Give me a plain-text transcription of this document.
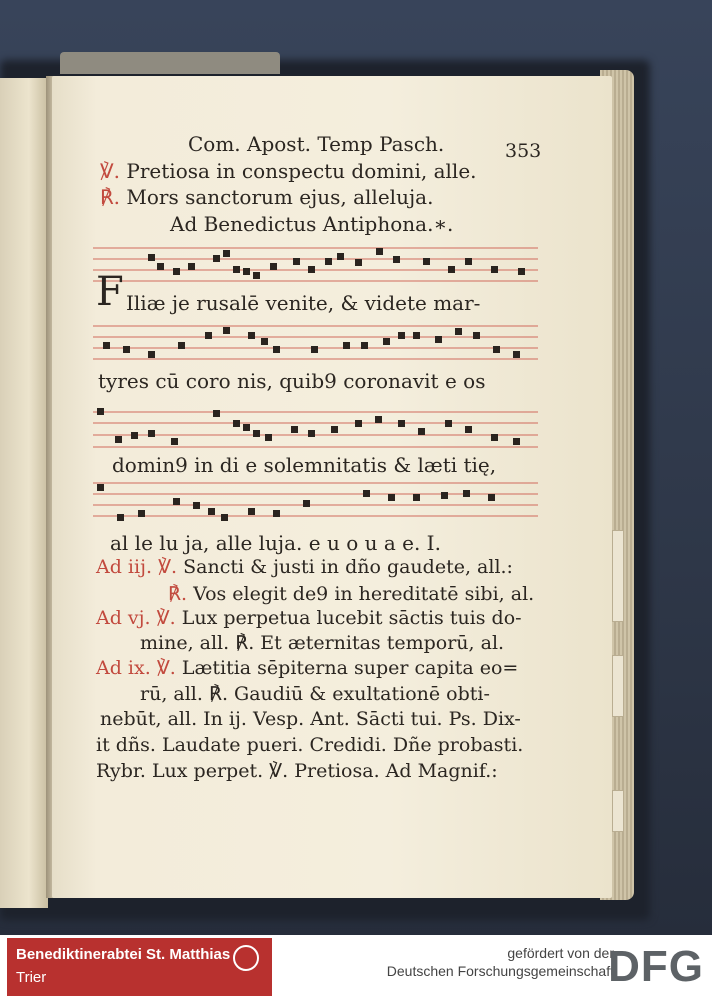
Com. Apost. Temp Pasch.	353
℣. Pretiosa in conspectu domini, alle.
℟. Mors sanctorum ejus, alleluja.
Ad Benedictus Antiphona.∗.
F Iliæ je rusalē venite, & videte mar-
tyres cū coro nis, quib9 coronavit e os
domin9 in di e solemnitatis & læti tię,
al le lu ja, alle luja. e u o u a e. I.
Ad iij. ℣. Sancti & justi in dño gaudete, all.:
℟. Vos elegit de9 in hereditatē sibi, al.
Ad vj. ℣. Lux perpetua lucebit sāctis tuis do-
mine, all. ℟. Et æternitas temporū, al.
Ad ix. ℣. Lætitia sēpiterna super capita eo=
rū, all. ℟. Gaudiū & exultationē obti-
nebūt, all. In ij. Vesp. Ant. Sācti tui. Ps. Dix-
it dñs. Laudate pueri. Credidi. Dñe probasti.
Rybr. Lux perpet. ℣. Pretiosa. Ad Magnif.:
Benediktinerabtei St. Matthias
Trier
gefördert von der
Deutschen Forschungsgemeinschaft
DFG
